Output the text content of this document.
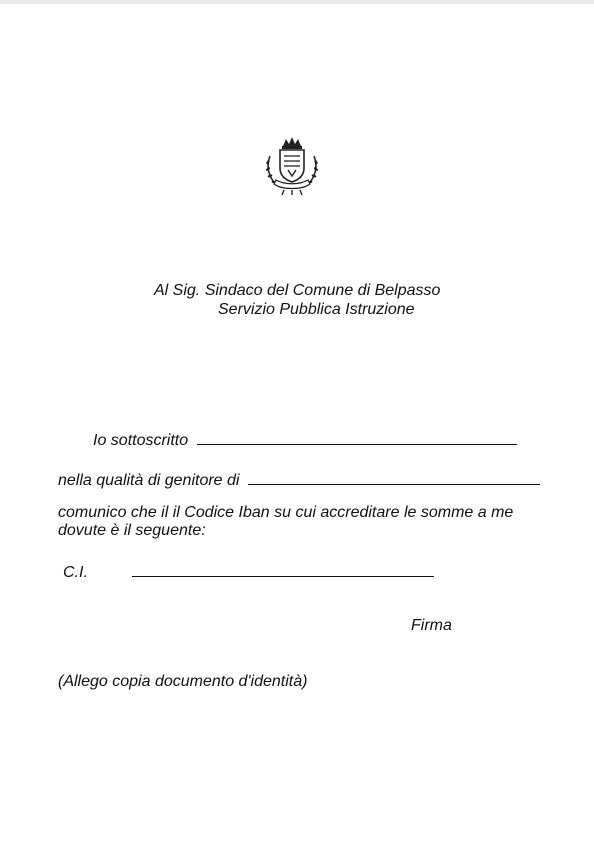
Al Sig. Sindaco del Comune di Belpasso
Servizio Pubblica Istruzione
Io sottoscritto
nella qualità di genitore di
comunico che il il Codice Iban su cui accreditare le somme a me
dovute è il seguente:
C.I.
Firma
(Allego copia documento d'identità)
